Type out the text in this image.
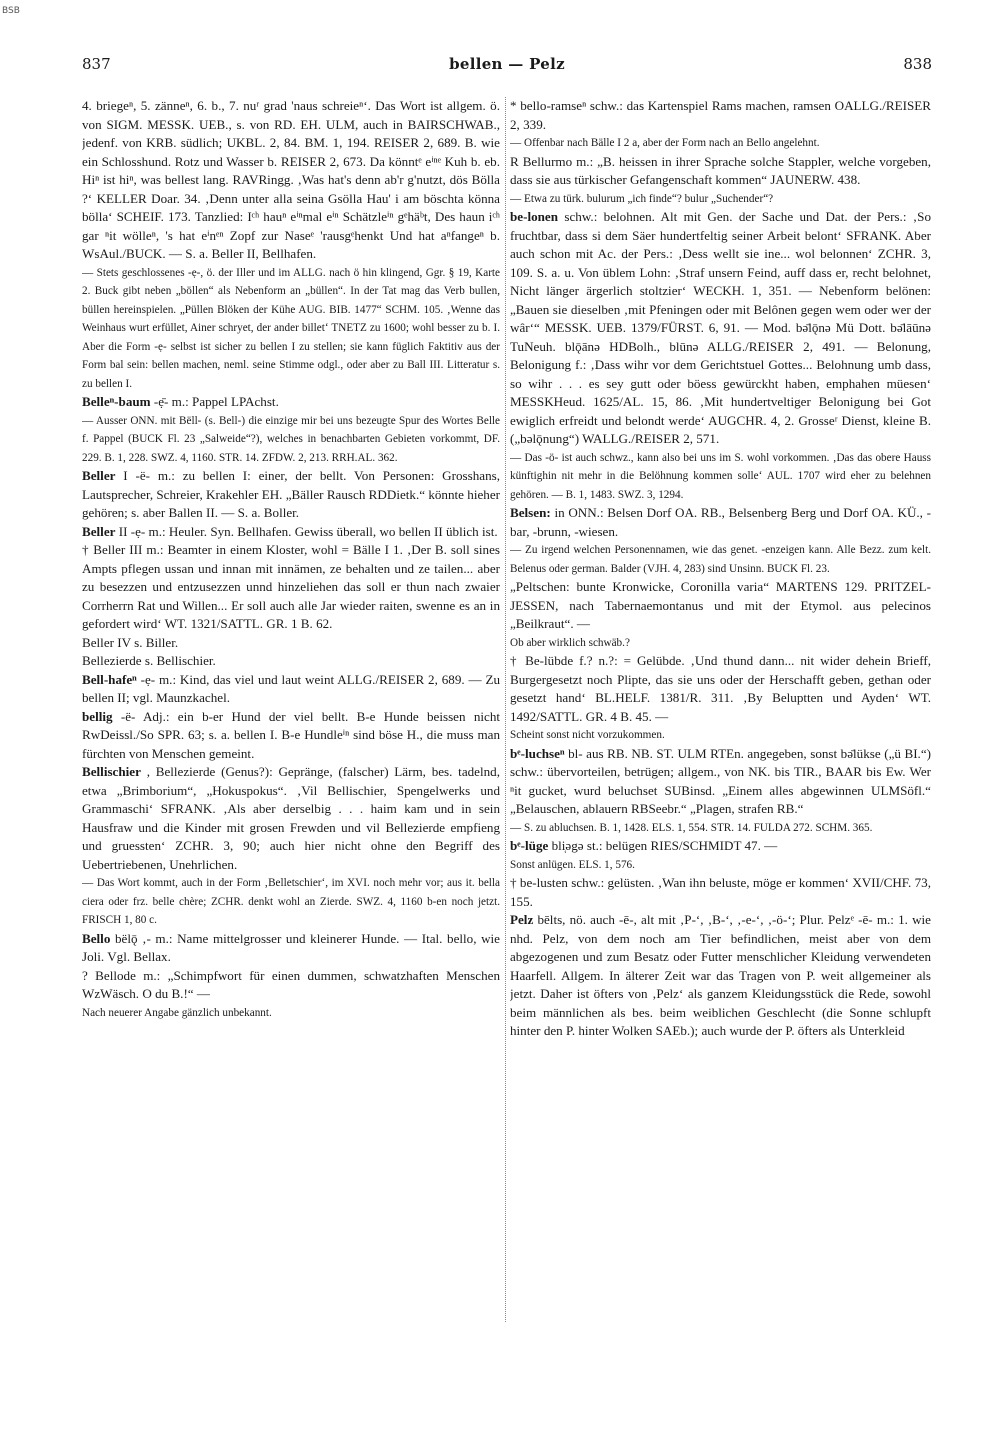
BSB
837	bellen — Pelz	838

4. briegeⁿ, 5. zänneⁿ, 6. b., 7. nuʳ grad 'naus schreieⁿ‘. Das Wort ist allgem. ö. von SIGM. MESSK. UEB., s. von RD. EH. ULM, auch in BAIRSCHWAB., jedenf. von KRB. südlich; UKBL. 2, 84. BM. 1, 194. REISER 2, 689. B. wie ein Schlosshund. Rotz und Wasser b. REISER 2, 673. Da könntᵉ eⁱⁿᵉ Kuh b. eb. Hiⁿ ist hiⁿ, was bellest lang. RAVRingg. ‚Was hat's denn ab'r g'nutzt, dös Bölla ?‘ KELLER Doar. 34. ‚Denn unter alla seina Gsölla Hau' i am böschta könna bölla‘ SCHEIF. 173. Tanzlied: Iᶜʰ hauⁿ eⁱⁿmal eⁱⁿ Schätzleⁱⁿ gᵉhäᵇt, Des haun iᶜʰ gar ⁿit wölleⁿ, 's hat eⁱnᵉⁿ Zopf zur Naseᵉ 'rausgᵉhenkt Und hat aⁿfangeⁿ b. WsAul./BUCK. — S. a. Beller II, Bellhafen.

— Stets geschlossenes -ẹ-, ö. der Iller und im ALLG. nach ö hin klingend, Ggr. § 19, Karte 2. Buck gibt neben „böllen“ als Nebenform an „büllen“. In der Tat mag das Verb bullen, büllen hereinspielen. „Püllen Blöken der Kühe AUG. BIB. 1477“ SCHM. 105. ‚Wenne das Weinhaus wurt erfüllet, Ainer schryet, der ander billet‘ TNETZ zu 1600; wohl besser zu b. I. Aber die Form -ẹ- selbst ist sicher zu bellen I zu stellen; sie kann füglich Faktitiv aus der Form bal sein: bellen machen, neml. seine Stimme odgl., oder aber zu Ball III. Litteratur s. zu bellen I.

Belleⁿ-baum -ẹ̄- m.: Pappel LPAchst.

— Ausser ONN. mit Bëll- (s. Bell-) die einzige mir bei uns bezeugte Spur des Wortes Belle f. Pappel (BUCK Fl. 23 „Salweide“?), welches in benachbarten Gebieten vorkommt, DF. 229. B. 1, 228. SWZ. 4, 1160. STR. 14. ZFDW. 2, 213. RRH.AL. 362.

Beller I -ë- m.: zu bellen I: einer, der bellt. Von Personen: Grosshans, Lautsprecher, Schreier, Krakehler EH. „Bäller Rausch RDDietk.“ könnte hieher gehören; s. aber Ballen II. — S. a. Boller.

Beller II -ẹ- m.: Heuler. Syn. Bellhafen. Gewiss überall, wo bellen II üblich ist.

† Beller III m.: Beamter in einem Kloster, wohl = Bälle I 1. ‚Der B. soll sines Ampts pflegen ussan und innan mit innämen, ze behalten und ze tailen... aber zu besezzen und entzusezzen unnd hinzeliehen das soll er thun nach zwaier Corrherrn Rat und Willen... Er soll auch alle Jar wieder raiten, swenne es an in gefordert wird‘ WT. 1321/SATTL. GR. 1 B. 62.

Beller IV s. Biller.

Bellezierde s. Bellischier.

Bell-hafeⁿ -ẹ- m.: Kind, das viel und laut weint ALLG./REISER 2, 689. — Zu bellen II; vgl. Maunzkachel.

bellig -ë- Adj.: ein b-er Hund der viel bellt. B-e Hunde beissen nicht RwDeissl./So SPR. 63; s. a. bellen I. B-e Hundleⁱⁿ sind böse H., die muss man fürchten von Menschen gemeint.

Bellischier , Bellezierde (Genus?): Gepränge, (falscher) Lärm, bes. tadelnd, etwa „Brimborium“, „Hokuspokus“. ‚Vil Bellischier, Spengelwerks und Grammaschi‘ SFRANK. ‚Als aber derselbig . . . haim kam und in sein Hausfraw und die Kinder mit grosen Frewden und vil Bellezierde empfieng und gruessten‘ ZCHR. 3, 90; auch hier nicht ohne den Begriff des Uebertriebenen, Unehrlichen.

— Das Wort kommt, auch in der Form ‚Belletschier‘, im XVI. noch mehr vor; aus it. bella ciera oder frz. belle chère; ZCHR. denkt wohl an Zierde. SWZ. 4, 1160 b-en noch jetzt. FRISCH 1, 80 c.

Bello bëlǭ ‚‑ m.: Name mittelgrosser und kleinerer Hunde. — Ital. bello, wie Joli. Vgl. Bellax.

? Bellode m.: „Schimpfwort für einen dummen, schwatzhaften Menschen WzWäsch. O du B.!“ —

Nach neuerer Angabe gänzlich unbekannt.

* bello-ramseⁿ schw.: das Kartenspiel Rams machen, ramsen OALLG./REISER 2, 339.

— Offenbar nach Bälle I 2 a, aber der Form nach an Bello angelehnt.

R Bellurmo m.: „B. heissen in ihrer Sprache solche Stappler, welche vorgeben, dass sie aus türkischer Gefangenschaft kommen“ JAUNERW. 438.

— Etwa zu türk. bulurum „ich finde“? bulur „Suchender“?

be-lonen schw.: belohnen. Alt mit Gen. der Sache und Dat. der Pers.: ‚So fruchtbar, dass si dem Säer hundertfeltig seiner Arbeit belont‘ SFRANK. Aber auch schon mit Ac. der Pers.: ‚Dess wellt sie ine... wol belonnen‘ ZCHR. 3, 109. S. a. u. Von üblem Lohn: ‚Straf unsern Feind, auff dass er, recht belohnet, Nicht länger ärgerlich stoltzier‘ WECKH. 1, 351. — Nebenform belönen: „Bauen sie dieselben ‚mit Pfeningen oder mit Belônen gegen wem oder wer der wâr‘“ MESSK. UEB. 1379/FÜRST. 6, 91. — Mod. bə̄lǭnə Mü Dott. bə̄lāūnə TuNeuh. blǭānə HDBolh., blūnə ALLG./REISER 2, 491. — Belonung, Belonigung f.: ‚Dass wihr vor dem Gerichtstuel Gottes... Belohnung umb dass, so wihr . . . es sey gutt oder böess gewürckht haben, emphahen müesen‘ MESSKHeud. 1625/AL. 15, 86. ‚Mit hundertveltiger Belonigung bei Got ewiglich erfreidt und belondt werde‘ AUGCHR. 4, 2. Grosseʳ Dienst, kleine B. („bəlǭnung“) WALLG./REISER 2, 571.

— Das -ö- ist auch schwz., kann also bei uns im S. wohl vorkommen. ‚Das das obere Hauss künftighin nit mehr in die Belöhnung kommen solle‘ AUL. 1707 wird eher zu belehnen gehören. — B. 1, 1483. SWZ. 3, 1294.

Belsen: in ONN.: Belsen Dorf OA. RB., Belsenberg Berg und Dorf OA. KÜ., -bar, -brunn, -wiesen.

— Zu irgend welchen Personennamen, wie das genet. -enzeigen kann. Alle Bezz. zum kelt. Belenus oder german. Balder (VJH. 4, 283) sind Unsinn. BUCK Fl. 23.

„Peltschen: bunte Kronwicke, Coronilla varia“ MARTENS 129. PRITZEL-JESSEN, nach Tabernaemontanus und mit der Etymol. aus pelecinos „Beilkraut“. —

Ob aber wirklich schwäb.?

† Be-lübde f.? n.?: = Gelübde. ‚Und thund dann... nit wider dehein Brieff, Burgergesetzt noch Plipte, das sie uns oder der Herschafft geben, gethan oder gesetzt hand‘ BL.HELF. 1381/R. 311. ‚By Beluptten und Ayden‘ WT. 1492/SATTL. GR. 4 B. 45. —

Scheint sonst nicht vorzukommen.

bᵉ-luchseⁿ bl- aus RB. NB. ST. ULM RTEn. angegeben, sonst bə̄lükse („ü BI.“) schw.: übervorteilen, betrügen; allgem., von NK. bis TIR., BAAR bis Ew. Wer ⁿit gucket, wurd beluchset SUBinsd. „Einem alles abgewinnen ULMSöfl.“ „Belauschen, ablauern RBSeebr.“ „Plagen, strafen RB.“

— S. zu abluchsen. B. 1, 1428. ELS. 1, 554. STR. 14. FULDA 272. SCHM. 365.

bᵉ-lüge bli̜ǝgǝ st.: belügen RIES/SCHMIDT 47. —

Sonst anlügen. ELS. 1, 576.

† be-lusten schw.: gelüsten. ‚Wan ihn beluste, möge er kommen‘ XVII/CHF. 73, 155.

Pelz bēlts, nö. auch -ē-, alt mit ‚P-‘, ‚B-‘, ‚-e-‘, ‚-ö-‘; Plur. Pelzᵉ -ē- m.: 1. wie nhd. Pelz, von dem noch am Tier befindlichen, meist aber von dem abgezogenen und zum Besatz oder Futter menschlicher Kleidung verwendeten Haarfell. Allgem. In älterer Zeit war das Tragen von P. weit allgemeiner als jetzt. Daher ist öfters von ‚Pelz‘ als ganzem Kleidungsstück die Rede, sowohl beim männlichen als bes. beim weiblichen Geschlecht (die Sonne schlupft hinter den P. hinter Wolken SAEb.); auch wurde der P. öfters als Unterkleid
